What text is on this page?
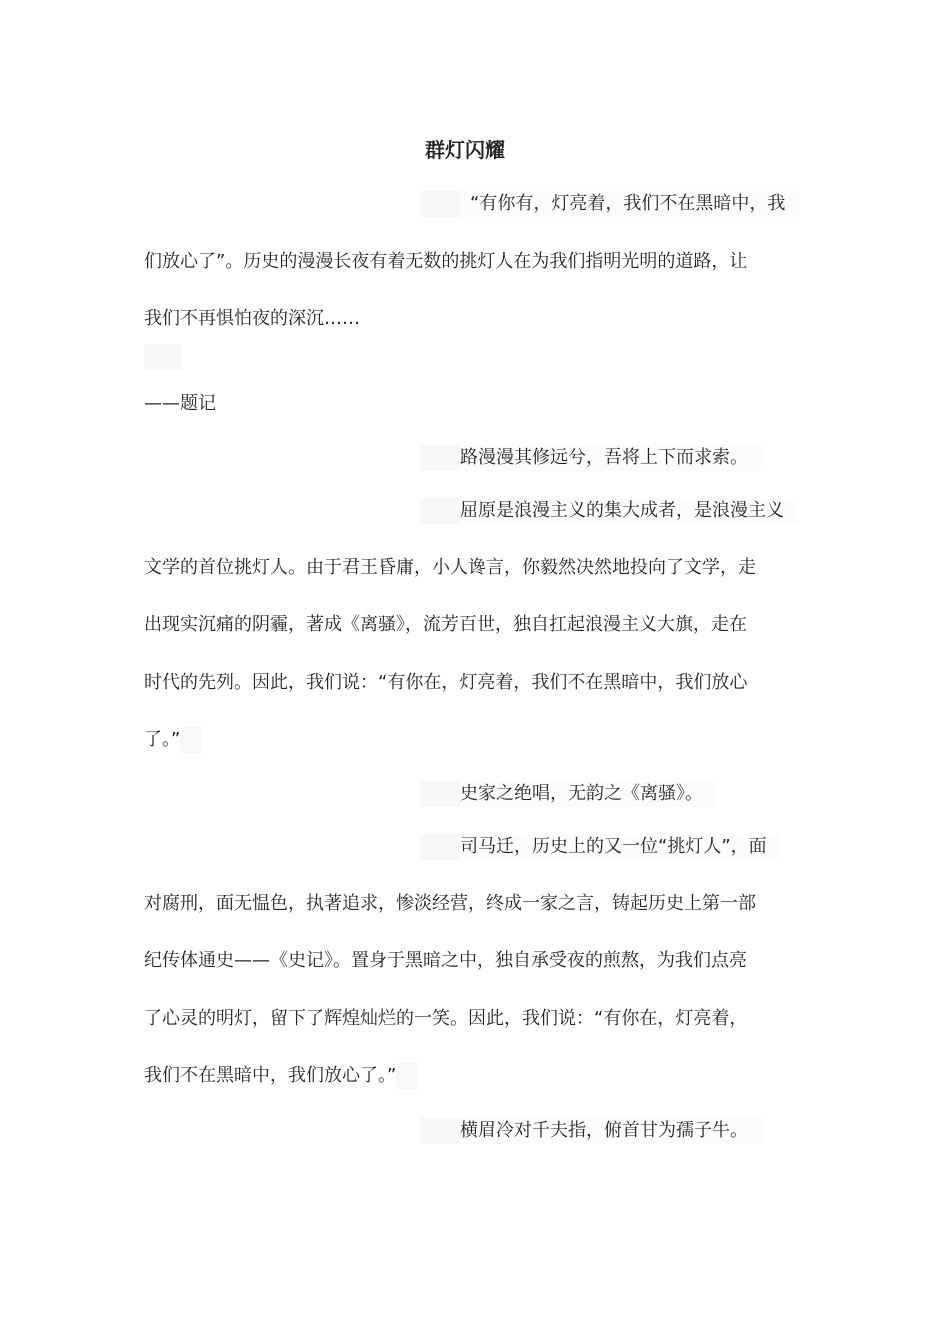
群灯闪耀
“有你有，灯亮着，我们不在黑暗中，我
们放心了”。历史的漫漫长夜有着无数的挑灯人在为我们指明光明的道路，让
我们不再惧怕夜的深沉……
——题记
路漫漫其修远兮，吾将上下而求索。
屈原是浪漫主义的集大成者，是浪漫主义
文学的首位挑灯人。由于君王昏庸，小人谗言，你毅然决然地投向了文学，走
出现实沉痛的阴霾，著成《离骚》，流芳百世，独自扛起浪漫主义大旗，走在
时代的先列。因此，我们说：“有你在，灯亮着，我们不在黑暗中，我们放心
了。”
史家之绝唱，无韵之《离骚》。
司马迁，历史上的又一位“挑灯人”，面
对腐刑，面无愠色，执著追求，惨淡经营，终成一家之言，铸起历史上第一部
纪传体通史——《史记》。置身于黑暗之中，独自承受夜的煎熬，为我们点亮
了心灵的明灯，留下了辉煌灿烂的一笑。因此，我们说：“有你在，灯亮着，
我们不在黑暗中，我们放心了。”
横眉冷对千夫指，俯首甘为孺子牛。
